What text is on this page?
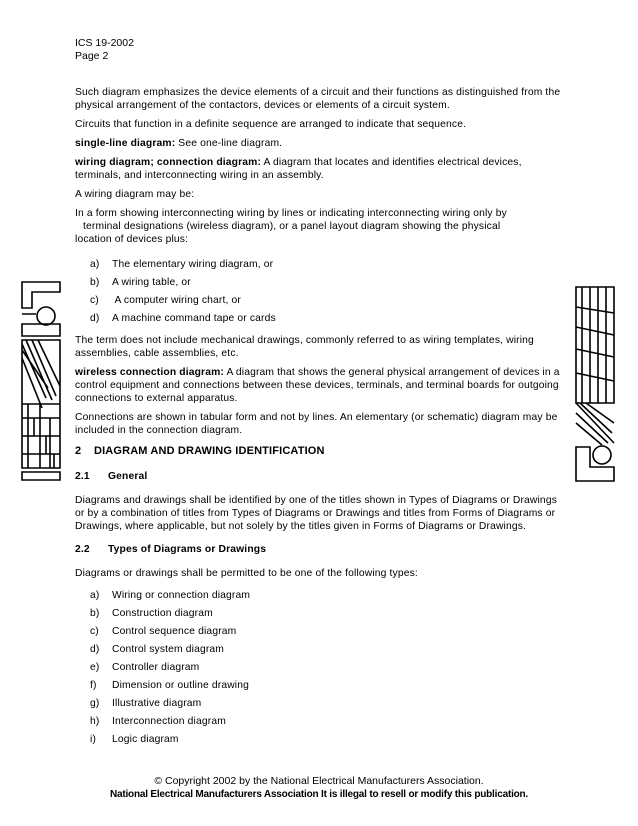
ICS 19-2002
Page 2

Such diagram emphasizes the device elements of a circuit and their functions as distinguished from the physical arrangement of the contactors, devices or elements of a circuit system.

Circuits that function in a definite sequence are arranged to indicate that sequence.

single-line diagram: See one-line diagram.

wiring diagram; connection diagram: A diagram that locates and identifies electrical devices, terminals, and interconnecting wiring in an assembly.

A wiring diagram may be:

In a form showing interconnecting wiring by lines or indicating interconnecting wiring only by
terminal designations (wireless diagram), or a panel layout diagram showing the physical
location of devices plus:

a)	The elementary wiring diagram, or
b)	A wiring table, or
c)	A computer wiring chart, or
d)	A machine command tape or cards

The term does not include mechanical drawings, commonly referred to as wiring templates, wiring assemblies, cable assemblies, etc.

wireless connection diagram: A diagram that shows the general physical arrangement of devices in a control equipment and connections between these devices, terminals, and terminal boards for outgoing connections to external apparatus.

Connections are shown in tabular form and not by lines. An elementary (or schematic) diagram may be included in the connection diagram.

2	DIAGRAM AND DRAWING IDENTIFICATION
2.1	General

Diagrams and drawings shall be identified by one of the titles shown in Types of Diagrams or Drawings or by a combination of titles from Types of Diagrams or Drawings and titles from Forms of Diagrams or Drawings, where applicable, but not solely by the titles given in Forms of Diagrams or Drawings.

2.2	Types of Diagrams or Drawings

Diagrams or drawings shall be permitted to be one of the following types:

a)	Wiring or connection diagram
b)	Construction diagram
c)	Control sequence diagram
d)	Control system diagram
e)	Controller diagram
f)	Dimension or outline drawing
g)	Illustrative diagram
h)	Interconnection diagram
i)	Logic diagram
© Copyright 2002 by the National Electrical Manufacturers Association.
National Electrical Manufacturers Association It is illegal to resell or modify this publication.
